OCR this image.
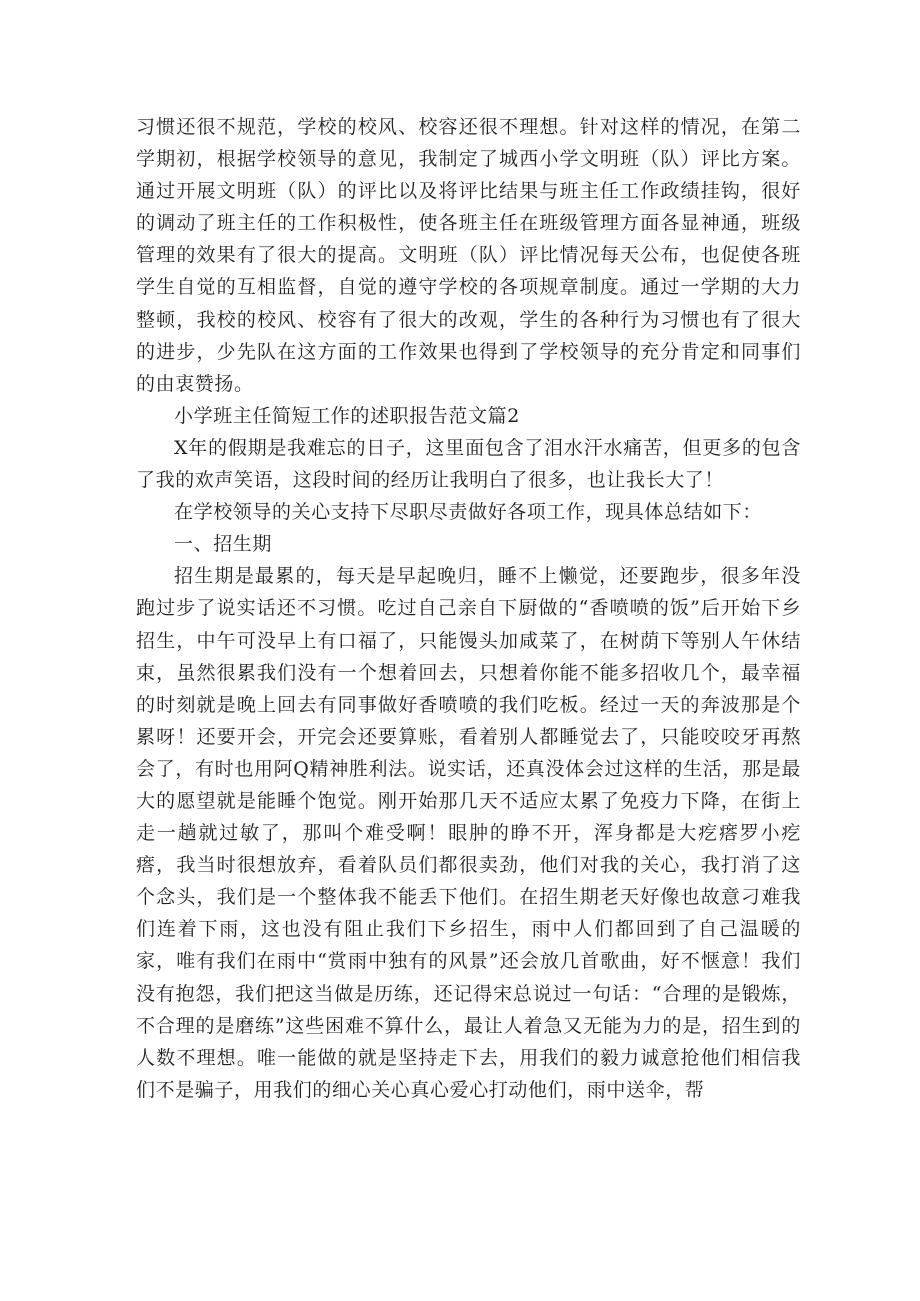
习惯还很不规范，学校的校风、校容还很不理想。针对这样的情况，在第二学期初，根据学校领导的意见，我制定了城西小学文明班（队）评比方案。通过开展文明班（队）的评比以及将评比结果与班主任工作政绩挂钩，很好的调动了班主任的工作积极性，使各班主任在班级管理方面各显神通，班级管理的效果有了很大的提高。文明班（队）评比情况每天公布，也促使各班学生自觉的互相监督，自觉的遵守学校的各项规章制度。通过一学期的大力整顿，我校的校风、校容有了很大的改观，学生的各种行为习惯也有了很大的进步，少先队在这方面的工作效果也得到了学校领导的充分肯定和同事们的由衷赞扬。

小学班主任简短工作的述职报告范文篇2

X年的假期是我难忘的日子，这里面包含了泪水汗水痛苦，但更多的包含了我的欢声笑语，这段时间的经历让我明白了很多，也让我长大了！

在学校领导的关心支持下尽职尽责做好各项工作，现具体总结如下：

一、招生期

招生期是最累的，每天是早起晚归，睡不上懒觉，还要跑步，很多年没跑过步了说实话还不习惯。吃过自己亲自下厨做的“香喷喷的饭”后开始下乡招生，中午可没早上有口福了，只能馒头加咸菜了，在树荫下等别人午休结束，虽然很累我们没有一个想着回去，只想着你能不能多招收几个，最幸福的时刻就是晚上回去有同事做好香喷喷的我们吃板。经过一天的奔波那是个累呀！还要开会，开完会还要算账，看着别人都睡觉去了，只能咬咬牙再熬会了，有时也用阿Q精神胜利法。说实话，还真没体会过这样的生活，那是最大的愿望就是能睡个饱觉。刚开始那几天不适应太累了免疫力下降，在街上走一趟就过敏了，那叫个难受啊！眼肿的睁不开，浑身都是大疙瘩罗小疙瘩，我当时很想放弃，看着队员们都很卖劲，他们对我的关心，我打消了这个念头，我们是一个整体我不能丢下他们。在招生期老天好像也故意刁难我们连着下雨，这也没有阻止我们下乡招生，雨中人们都回到了自己温暖的家，唯有我们在雨中“赏雨中独有的风景”还会放几首歌曲，好不惬意！我们没有抱怨，我们把这当做是历练，还记得宋总说过一句话：“合理的是锻炼，不合理的是磨练”这些困难不算什么，最让人着急又无能为力的是，招生到的人数不理想。唯一能做的就是坚持走下去，用我们的毅力诚意抢他们相信我们不是骗子，用我们的细心关心真心爱心打动他们，雨中送伞，帮
